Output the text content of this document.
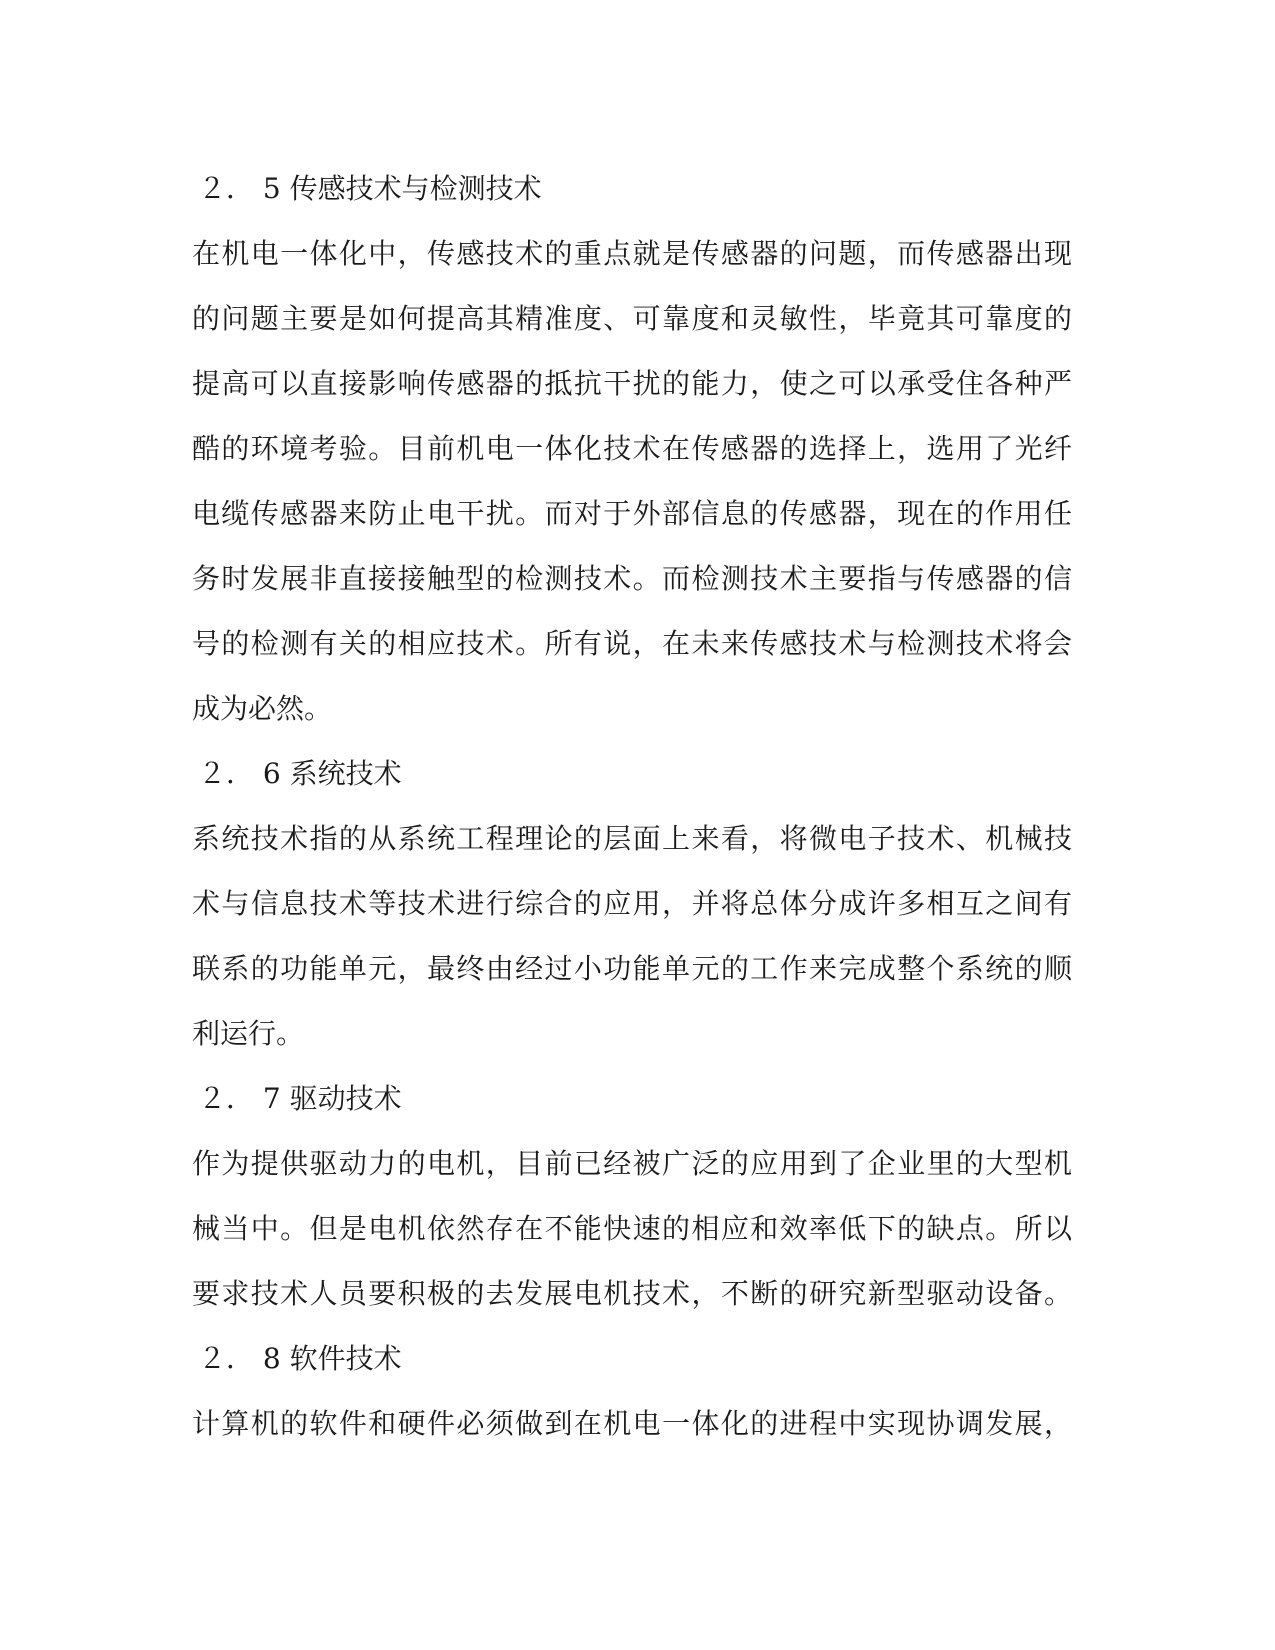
２． 5 传感技术与检测技术
在机电一体化中，传感技术的重点就是传感器的问题，而传感器出现
的问题主要是如何提高其精准度、可靠度和灵敏性，毕竟其可靠度的
提高可以直接影响传感器的抵抗干扰的能力，使之可以承受住各种严
酷的环境考验。目前机电一体化技术在传感器的选择上，选用了光纤
电缆传感器来防止电干扰。而对于外部信息的传感器，现在的作用任
务时发展非直接接触型的检测技术。而检测技术主要指与传感器的信
号的检测有关的相应技术。所有说，在未来传感技术与检测技术将会
成为必然。
２． 6 系统技术
系统技术指的从系统工程理论的层面上来看，将微电子技术、机械技
术与信息技术等技术进行综合的应用，并将总体分成许多相互之间有
联系的功能单元，最终由经过小功能单元的工作来完成整个系统的顺
利运行。
２． 7 驱动技术
作为提供驱动力的电机，目前已经被广泛的应用到了企业里的大型机
械当中。但是电机依然存在不能快速的相应和效率低下的缺点。所以
要求技术人员要积极的去发展电机技术，不断的研究新型驱动设备。
２． 8 软件技术
计算机的软件和硬件必须做到在机电一体化的进程中实现协调发展，
